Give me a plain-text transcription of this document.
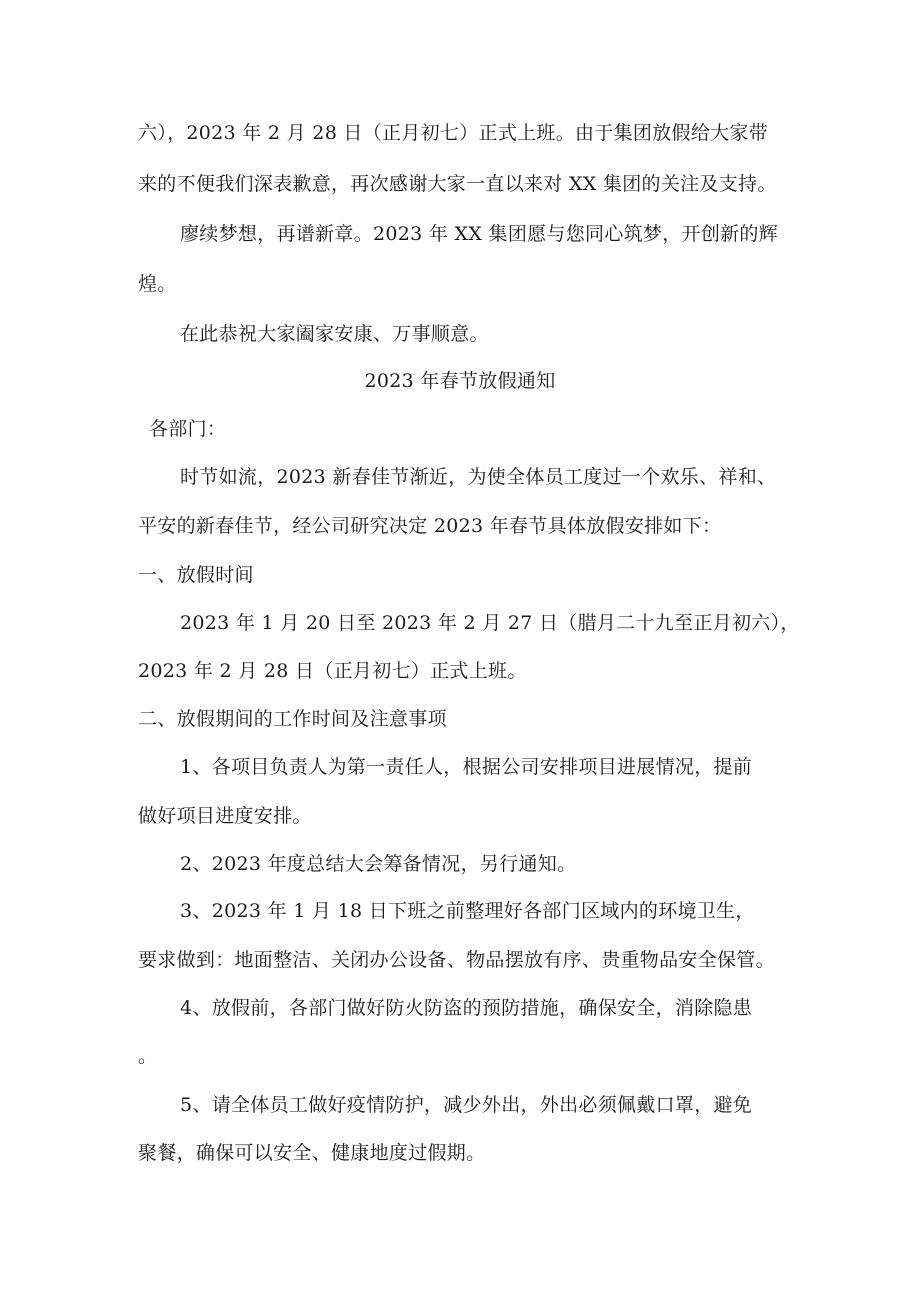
六），2023 年 2 月 28 日（正月初七）正式上班。由于集团放假给大家带
来的不便我们深表歉意，再次感谢大家一直以来对 XX 集团的关注及支持。
廖续梦想，再谱新章。2023 年 XX 集团愿与您同心筑梦，开创新的辉
煌。
在此恭祝大家阖家安康、万事顺意。
2023 年春节放假通知
各部门：
时节如流，2023 新春佳节渐近，为使全体员工度过一个欢乐、祥和、
平安的新春佳节，经公司研究决定 2023 年春节具体放假安排如下：
一、放假时间
2023 年 1 月 20 日至 2023 年 2 月 27 日（腊月二十九至正月初六），
2023 年 2 月 28 日（正月初七）正式上班。
二、放假期间的工作时间及注意事项
1、各项目负责人为第一责任人，根据公司安排项目进展情况，提前
做好项目进度安排。
2、2023 年度总结大会筹备情况，另行通知。
3、2023 年 1 月 18 日下班之前整理好各部门区域内的环境卫生，
要求做到：地面整洁、关闭办公设备、物品摆放有序、贵重物品安全保管。
4、放假前，各部门做好防火防盗的预防措施，确保安全，消除隐患
。
5、请全体员工做好疫情防护，减少外出，外出必须佩戴口罩，避免
聚餐，确保可以安全、健康地度过假期。
